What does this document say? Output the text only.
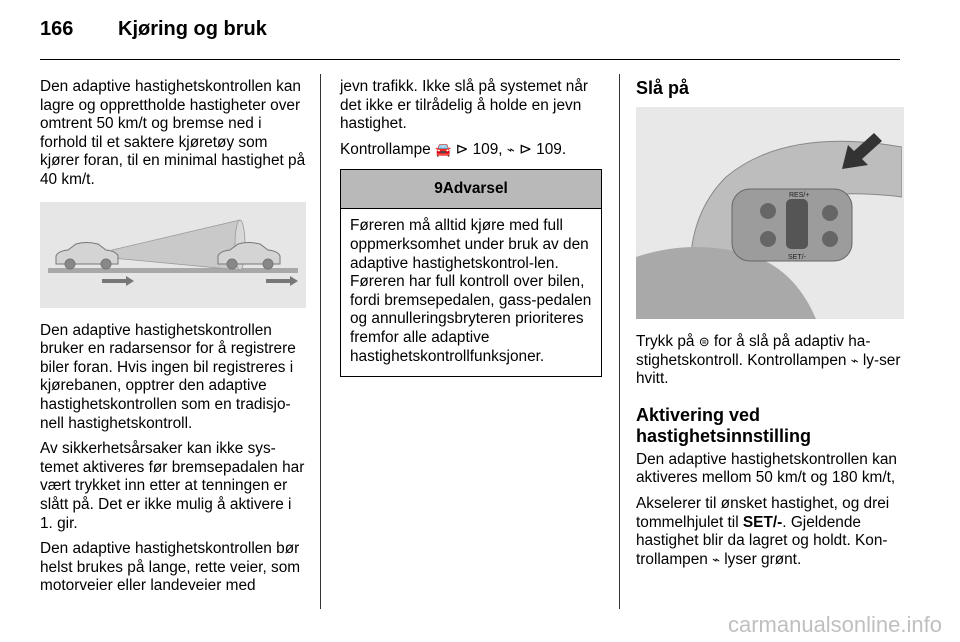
166 Kjøring og bruk

Den adaptive hastighetskontrollen kan lagre og opprettholde hastigheter over omtrent 50 km/t og bremse ned i forhold til et saktere kjøretøy som kjører foran, til en minimal hastighet på 40 km/t.

Den adaptive hastighetskontrollen bruker en radarsensor for å registrere biler foran. Hvis ingen bil registreres i kjørebanen, opptrer den adaptive hastighetskontrollen som en tradisjo-nell hastighetskontroll.

Av sikkerhetsårsaker kan ikke sys-temet aktiveres før bremsepadalen har vært trykket inn etter at tenningen er slått på. Det er ikke mulig å aktivere i 1. gir.

Den adaptive hastighetskontrollen bør helst brukes på lange, rette veier, som motorveier eller landeveier med

jevn trafikk. Ikke slå på systemet når det ikke er tilrådelig å holde en jevn hastighet.

Kontrollampe 🚘 ⊳ 109, ⌁ ⊳ 109.

9Advarsel
Føreren må alltid kjøre med full oppmerksomhet under bruk av den adaptive hastighetskontrol-len. Føreren har full kontroll over bilen, fordi bremsepedalen, gass-pedalen og annulleringsbryteren prioriteres fremfor alle adaptive hastighetskontrollfunksjoner.
Slå på
RES/+
SET/-

Trykk på ⊜ for å slå på adaptiv ha-stighetskontroll. Kontrollampen ⌁ ly-ser hvitt.

Aktivering ved hastighetsinnstilling

Den adaptive hastighetskontrollen kan aktiveres mellom 50 km/t og 180 km/t,

Akselerer til ønsket hastighet, og drei tommelhjulet til SET/-. Gjeldende hastighet blir da lagret og holdt. Kon-trollampen ⌁ lyser grønt.

carmanualsonline.info
